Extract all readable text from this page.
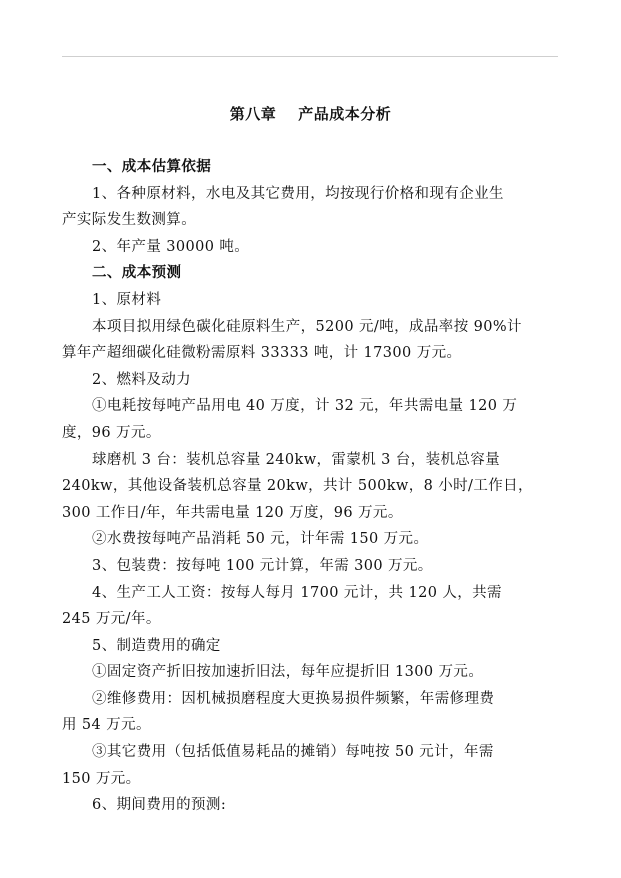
第八章 产品成本分析
一、成本估算依据
1、各种原材料，水电及其它费用，均按现行价格和现有企业生
产实际发生数测算。
2、年产量 30000 吨。
二、成本预测
1、原材料
本项目拟用绿色碳化硅原料生产，5200 元/吨，成品率按 90%计
算年产超细碳化硅微粉需原料 33333 吨，计 17300 万元。
2、燃料及动力
①电耗按每吨产品用电 40 万度，计 32 元，年共需电量 120 万
度，96 万元。
球磨机 3 台：装机总容量 240kw，雷蒙机 3 台，装机总容量
240kw，其他设备装机总容量 20kw，共计 500kw，8 小时/工作日，
300 工作日/年，年共需电量 120 万度，96 万元。
②水费按每吨产品消耗 50 元，计年需 150 万元。
3、包装费：按每吨 100 元计算，年需 300 万元。
4、生产工人工资：按每人每月 1700 元计，共 120 人，共需
245 万元/年。
5、制造费用的确定
①固定资产折旧按加速折旧法，每年应提折旧 1300 万元。
②维修费用：因机械损磨程度大更换易损件频繁，年需修理费
用 54 万元。
③其它费用（包括低值易耗品的摊销）每吨按 50 元计，年需
150 万元。
6、期间费用的预测:
